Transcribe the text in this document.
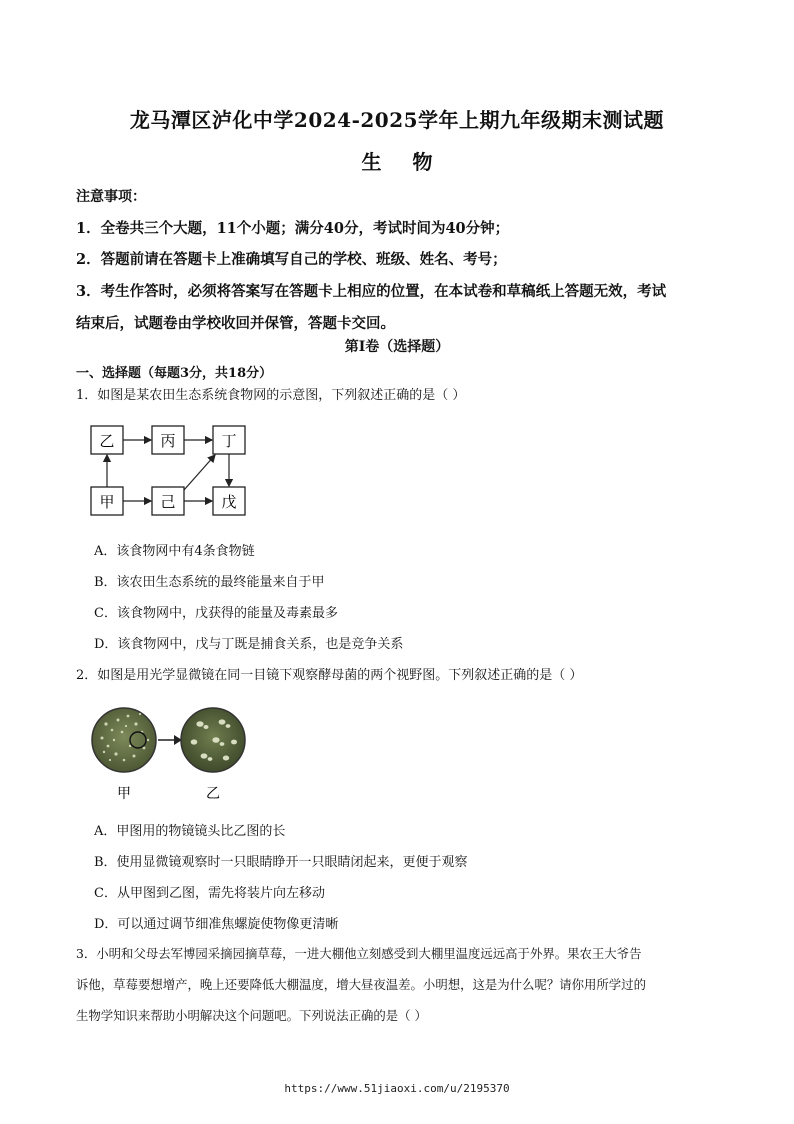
龙马潭区泸化中学2024-2025学年上期九年级期末测试题
生 物
注意事项：
1．全卷共三个大题，11个小题；满分40分，考试时间为40分钟；
2．答题前请在答题卡上准确填写自己的学校、班级、姓名、考号；
3．考生作答时，必须将答案写在答题卡上相应的位置，在本试卷和草稿纸上答题无效，考试
结束后，试题卷由学校收回并保管，答题卡交回。
第Ⅰ卷（选择题）
一、选择题（每题3分，共18分）
1．如图是某农田生态系统食物网的示意图，下列叙述正确的是（ ）
乙	丙	丁
甲	己	戊
A．该食物网中有4条食物链
B．该农田生态系统的最终能量来自于甲
C．该食物网中，戊获得的能量及毒素最多
D．该食物网中，戊与丁既是捕食关系，也是竞争关系
2．如图是用光学显微镜在同一目镜下观察酵母菌的两个视野图。下列叙述正确的是（ ）
甲	乙
A．甲图用的物镜镜头比乙图的长
B．使用显微镜观察时一只眼睛睁开一只眼睛闭起来，更便于观察
C．从甲图到乙图，需先将装片向左移动
D．可以通过调节细准焦螺旋使物像更清晰
3．小明和父母去军博园采摘园摘草莓，一进大棚他立刻感受到大棚里温度远远高于外界。果农王大爷告
诉他，草莓要想增产，晚上还要降低大棚温度，增大昼夜温差。小明想，这是为什么呢？请你用所学过的
生物学知识来帮助小明解决这个问题吧。下列说法正确的是（ ）
https://www.51jiaoxi.com/u/2195370
